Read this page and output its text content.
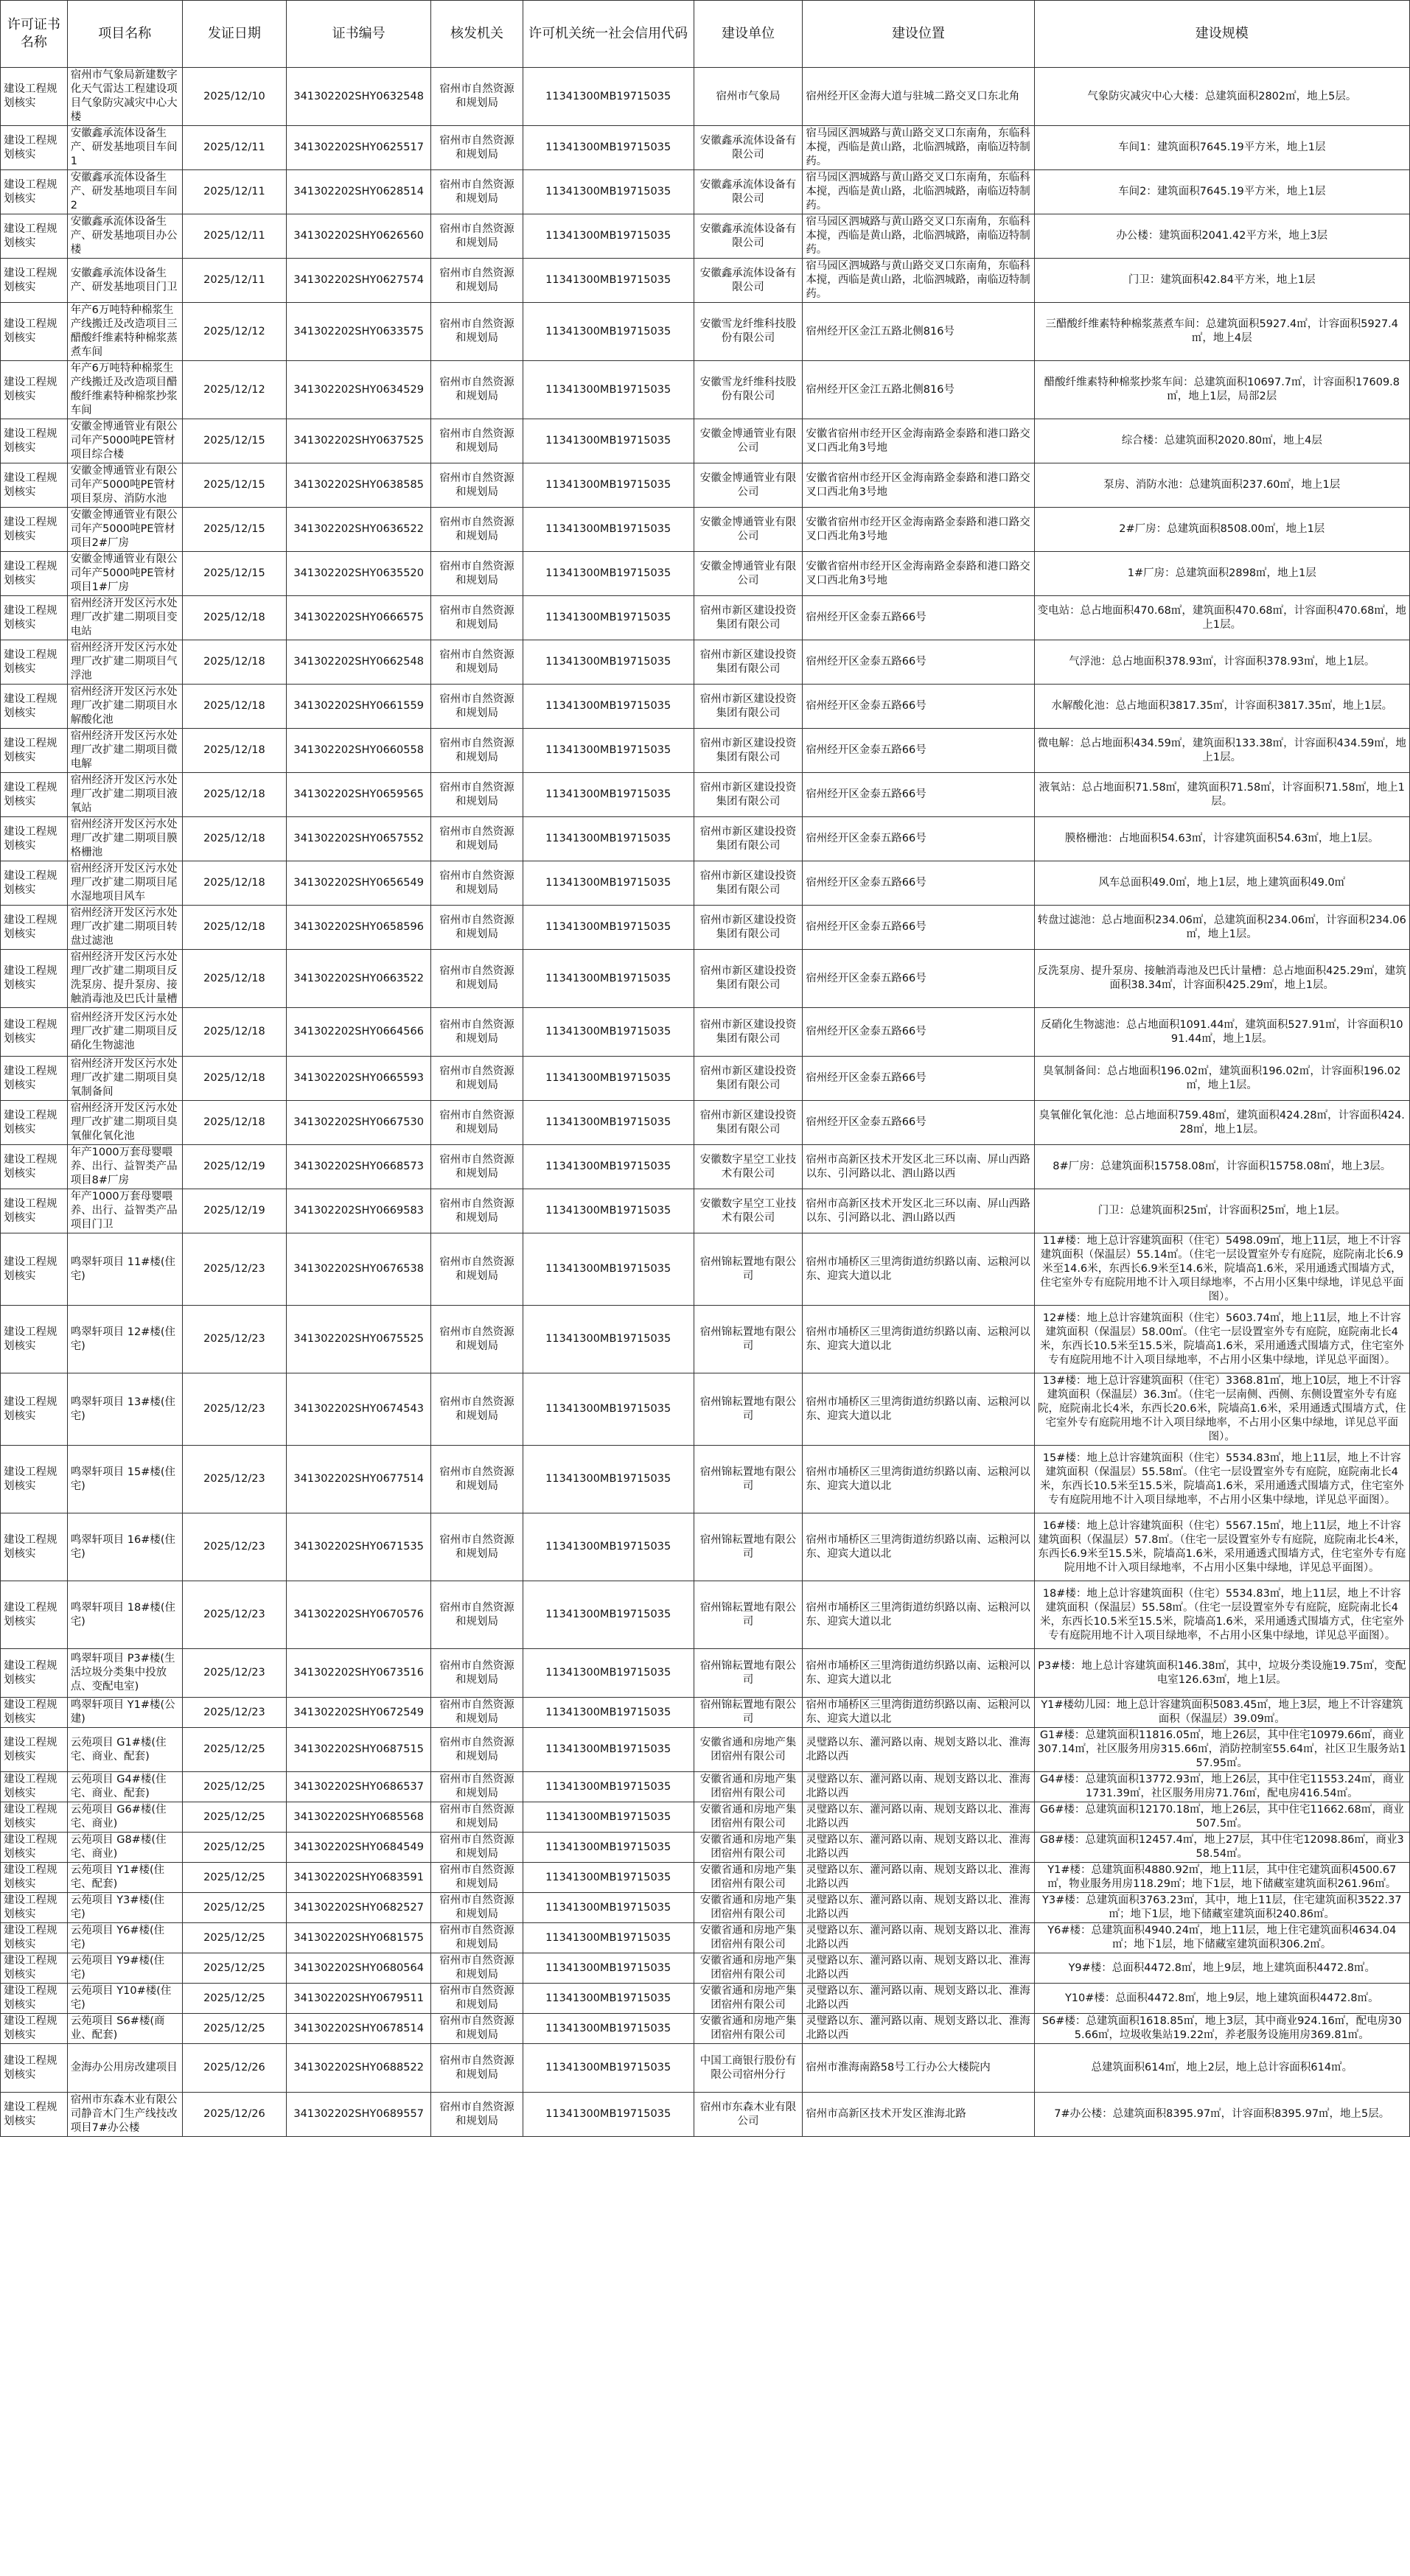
许可证书名称	项目名称	发证日期	证书编号	核发机关	许可机关统一社会信用代码	建设单位	建设位置	建设规模
建设工程规划核实	宿州市气象局新建数字化天气雷达工程建设项目气象防灾减灾中心大楼	2025/12/10	341302202SHY0632548	宿州市自然资源和规划局	11341300MB19715035	宿州市气象局	宿州经开区金海大道与驻城二路交叉口东北角	气象防灾减灾中心大楼：总建筑面积2802㎡，地上5层。
建设工程规划核实	安徽鑫承流体设备生产、研发基地项目车间1	2025/12/11	341302202SHY0625517	宿州市自然资源和规划局	11341300MB19715035	安徽鑫承流体设备有限公司	宿马园区泗城路与黄山路交叉口东南角，东临科本搅，西临是黄山路，北临泗城路，南临迈特制药。	车间1：建筑面积7645.19平方米，地上1层
建设工程规划核实	安徽鑫承流体设备生产、研发基地项目车间2	2025/12/11	341302202SHY0628514	宿州市自然资源和规划局	11341300MB19715035	安徽鑫承流体设备有限公司	宿马园区泗城路与黄山路交叉口东南角，东临科本搅，西临是黄山路，北临泗城路，南临迈特制药。	车间2：建筑面积7645.19平方米，地上1层
建设工程规划核实	安徽鑫承流体设备生产、研发基地项目办公楼	2025/12/11	341302202SHY0626560	宿州市自然资源和规划局	11341300MB19715035	安徽鑫承流体设备有限公司	宿马园区泗城路与黄山路交叉口东南角，东临科本搅，西临是黄山路，北临泗城路，南临迈特制药。	办公楼：建筑面积2041.42平方米，地上3层
建设工程规划核实	安徽鑫承流体设备生产、研发基地项目门卫	2025/12/11	341302202SHY0627574	宿州市自然资源和规划局	11341300MB19715035	安徽鑫承流体设备有限公司	宿马园区泗城路与黄山路交叉口东南角，东临科本搅，西临是黄山路，北临泗城路，南临迈特制药。	门卫：建筑面积42.84平方米，地上1层
建设工程规划核实	年产6万吨特种棉浆生产线搬迁及改造项目三醋酸纤维素特种棉浆蒸煮车间	2025/12/12	341302202SHY0633575	宿州市自然资源和规划局	11341300MB19715035	安徽雪龙纤维科技股份有限公司	宿州经开区金江五路北侧816号	三醋酸纤维素特种棉浆蒸煮车间：总建筑面积5927.4㎡，计容面积5927.4㎡，地上4层
建设工程规划核实	年产6万吨特种棉浆生产线搬迁及改造项目醋酸纤维素特种棉浆抄浆车间	2025/12/12	341302202SHY0634529	宿州市自然资源和规划局	11341300MB19715035	安徽雪龙纤维科技股份有限公司	宿州经开区金江五路北侧816号	醋酸纤维素特种棉浆抄浆车间：总建筑面积10697.7㎡，计容面积17609.8㎡，地上1层，局部2层
建设工程规划核实	安徽金博通管业有限公司年产5000吨PE管材项目综合楼	2025/12/15	341302202SHY0637525	宿州市自然资源和规划局	11341300MB19715035	安徽金博通管业有限公司	安徽省宿州市经开区金海南路金泰路和港口路交叉口西北角3号地	综合楼：总建筑面积2020.80㎡，地上4层
建设工程规划核实	安徽金博通管业有限公司年产5000吨PE管材项目泵房、消防水池	2025/12/15	341302202SHY0638585	宿州市自然资源和规划局	11341300MB19715035	安徽金博通管业有限公司	安徽省宿州市经开区金海南路金泰路和港口路交叉口西北角3号地	泵房、消防水池：总建筑面积237.60㎡，地上1层
建设工程规划核实	安徽金博通管业有限公司年产5000吨PE管材项目2#厂房	2025/12/15	341302202SHY0636522	宿州市自然资源和规划局	11341300MB19715035	安徽金博通管业有限公司	安徽省宿州市经开区金海南路金泰路和港口路交叉口西北角3号地	2#厂房：总建筑面积8508.00㎡，地上1层
建设工程规划核实	安徽金博通管业有限公司年产5000吨PE管材项目1#厂房	2025/12/15	341302202SHY0635520	宿州市自然资源和规划局	11341300MB19715035	安徽金博通管业有限公司	安徽省宿州市经开区金海南路金泰路和港口路交叉口西北角3号地	1#厂房：总建筑面积2898㎡，地上1层
建设工程规划核实	宿州经济开发区污水处理厂改扩建二期项目变电站	2025/12/18	341302202SHY0666575	宿州市自然资源和规划局	11341300MB19715035	宿州市新区建设投资集团有限公司	宿州经开区金泰五路66号	变电站：总占地面积470.68㎡，建筑面积470.68㎡，计容面积470.68㎡，地上1层。
建设工程规划核实	宿州经济开发区污水处理厂改扩建二期项目气浮池	2025/12/18	341302202SHY0662548	宿州市自然资源和规划局	11341300MB19715035	宿州市新区建设投资集团有限公司	宿州经开区金泰五路66号	气浮池：总占地面积378.93㎡，计容面积378.93㎡，地上1层。
建设工程规划核实	宿州经济开发区污水处理厂改扩建二期项目水解酸化池	2025/12/18	341302202SHY0661559	宿州市自然资源和规划局	11341300MB19715035	宿州市新区建设投资集团有限公司	宿州经开区金泰五路66号	水解酸化池：总占地面积3817.35㎡，计容面积3817.35㎡，地上1层。
建设工程规划核实	宿州经济开发区污水处理厂改扩建二期项目微电解	2025/12/18	341302202SHY0660558	宿州市自然资源和规划局	11341300MB19715035	宿州市新区建设投资集团有限公司	宿州经开区金泰五路66号	微电解：总占地面积434.59㎡，建筑面积133.38㎡，计容面积434.59㎡，地上1层。
建设工程规划核实	宿州经济开发区污水处理厂改扩建二期项目液氧站	2025/12/18	341302202SHY0659565	宿州市自然资源和规划局	11341300MB19715035	宿州市新区建设投资集团有限公司	宿州经开区金泰五路66号	液氧站：总占地面积71.58㎡，建筑面积71.58㎡，计容面积71.58㎡，地上1层。
建设工程规划核实	宿州经济开发区污水处理厂改扩建二期项目膜格栅池	2025/12/18	341302202SHY0657552	宿州市自然资源和规划局	11341300MB19715035	宿州市新区建设投资集团有限公司	宿州经开区金泰五路66号	膜格栅池：占地面积54.63㎡，计容建筑面积54.63㎡，地上1层。
建设工程规划核实	宿州经济开发区污水处理厂改扩建二期项目尾水湿地项目风车	2025/12/18	341302202SHY0656549	宿州市自然资源和规划局	11341300MB19715035	宿州市新区建设投资集团有限公司	宿州经开区金泰五路66号	风车总面积49.0㎡，地上1层，地上建筑面积49.0㎡
建设工程规划核实	宿州经济开发区污水处理厂改扩建二期项目转盘过滤池	2025/12/18	341302202SHY0658596	宿州市自然资源和规划局	11341300MB19715035	宿州市新区建设投资集团有限公司	宿州经开区金泰五路66号	转盘过滤池：总占地面积234.06㎡，总建筑面积234.06㎡，计容面积234.06㎡，地上1层。
建设工程规划核实	宿州经济开发区污水处理厂改扩建二期项目反洗泵房、提升泵房、接触消毒池及巴氏计量槽	2025/12/18	341302202SHY0663522	宿州市自然资源和规划局	11341300MB19715035	宿州市新区建设投资集团有限公司	宿州经开区金泰五路66号	反洗泵房、提升泵房、接触消毒池及巴氏计量槽：总占地面积425.29㎡，建筑面积38.34㎡，计容面积425.29㎡，地上1层。
建设工程规划核实	宿州经济开发区污水处理厂改扩建二期项目反硝化生物滤池	2025/12/18	341302202SHY0664566	宿州市自然资源和规划局	11341300MB19715035	宿州市新区建设投资集团有限公司	宿州经开区金泰五路66号	反硝化生物滤池：总占地面积1091.44㎡，建筑面积527.91㎡，计容面积1091.44㎡，地上1层。
建设工程规划核实	宿州经济开发区污水处理厂改扩建二期项目臭氧制备间	2025/12/18	341302202SHY0665593	宿州市自然资源和规划局	11341300MB19715035	宿州市新区建设投资集团有限公司	宿州经开区金泰五路66号	臭氧制备间：总占地面积196.02㎡，建筑面积196.02㎡，计容面积196.02㎡，地上1层。
建设工程规划核实	宿州经济开发区污水处理厂改扩建二期项目臭氧催化氧化池	2025/12/18	341302202SHY0667530	宿州市自然资源和规划局	11341300MB19715035	宿州市新区建设投资集团有限公司	宿州经开区金泰五路66号	臭氧催化氧化池：总占地面积759.48㎡，建筑面积424.28㎡，计容面积424.28㎡，地上1层。
建设工程规划核实	年产1000万套母婴喂养、出行、益智类产品项目8#厂房	2025/12/19	341302202SHY0668573	宿州市自然资源和规划局	11341300MB19715035	安徽数字星空工业技术有限公司	宿州市高新区技术开发区北三环以南、屏山西路以东、引河路以北、泗山路以西	8#厂房：总建筑面积15758.08㎡，计容面积15758.08㎡，地上3层。
建设工程规划核实	年产1000万套母婴喂养、出行、益智类产品项目门卫	2025/12/19	341302202SHY0669583	宿州市自然资源和规划局	11341300MB19715035	安徽数字星空工业技术有限公司	宿州市高新区技术开发区北三环以南、屏山西路以东、引河路以北、泗山路以西	门卫：总建筑面积25㎡，计容面积25㎡，地上1层。
建设工程规划核实	鸣翠轩项目 11#楼(住宅)	2025/12/23	341302202SHY0676538	宿州市自然资源和规划局	11341300MB19715035	宿州锦耘置地有限公司	宿州市埇桥区三里湾街道纺织路以南、运粮河以东、迎宾大道以北	11#楼：地上总计容建筑面积（住宅）5498.09㎡，地上11层，地上不计容建筑面积（保温层）55.14㎡。（住宅一层设置室外专有庭院，庭院南北长6.9米至14.6米，东西长6.9米至14.6米，院墙高1.6米，采用通透式围墙方式，住宅室外专有庭院用地不计入项目绿地率，不占用小区集中绿地，详见总平面图）。
建设工程规划核实	鸣翠轩项目 12#楼(住宅)	2025/12/23	341302202SHY0675525	宿州市自然资源和规划局	11341300MB19715035	宿州锦耘置地有限公司	宿州市埇桥区三里湾街道纺织路以南、运粮河以东、迎宾大道以北	12#楼：地上总计容建筑面积（住宅）5603.74㎡，地上11层，地上不计容建筑面积（保温层）58.00㎡。（住宅一层设置室外专有庭院，庭院南北长4米，东西长10.5米至15.5米，院墙高1.6米，采用通透式围墙方式，住宅室外专有庭院用地不计入项目绿地率，不占用小区集中绿地，详见总平面图）。
建设工程规划核实	鸣翠轩项目 13#楼(住宅)	2025/12/23	341302202SHY0674543	宿州市自然资源和规划局	11341300MB19715035	宿州锦耘置地有限公司	宿州市埇桥区三里湾街道纺织路以南、运粮河以东、迎宾大道以北	13#楼：地上总计容建筑面积（住宅）3368.81㎡，地上10层，地上不计容建筑面积（保温层）36.3㎡。（住宅一层南侧、西侧、东侧设置室外专有庭院，庭院南北长4米，东西长20.6米，院墙高1.6米，采用通透式围墙方式，住宅室外专有庭院用地不计入项目绿地率，不占用小区集中绿地，详见总平面图）。
建设工程规划核实	鸣翠轩项目 15#楼(住宅)	2025/12/23	341302202SHY0677514	宿州市自然资源和规划局	11341300MB19715035	宿州锦耘置地有限公司	宿州市埇桥区三里湾街道纺织路以南、运粮河以东、迎宾大道以北	15#楼：地上总计容建筑面积（住宅）5534.83㎡，地上11层，地上不计容建筑面积（保温层）55.58㎡。（住宅一层设置室外专有庭院，庭院南北长4米，东西长10.5米至15.5米，院墙高1.6米，采用通透式围墙方式，住宅室外专有庭院用地不计入项目绿地率，不占用小区集中绿地，详见总平面图）。
建设工程规划核实	鸣翠轩项目 16#楼(住宅)	2025/12/23	341302202SHY0671535	宿州市自然资源和规划局	11341300MB19715035	宿州锦耘置地有限公司	宿州市埇桥区三里湾街道纺织路以南、运粮河以东、迎宾大道以北	16#楼：地上总计容建筑面积（住宅）5567.15㎡，地上11层，地上不计容建筑面积（保温层）57.8㎡。（住宅一层设置室外专有庭院，庭院南北长4米，东西长6.9米至15.5米，院墙高1.6米，采用通透式围墙方式，住宅室外专有庭院用地不计入项目绿地率，不占用小区集中绿地，详见总平面图）。
建设工程规划核实	鸣翠轩项目 18#楼(住宅)	2025/12/23	341302202SHY0670576	宿州市自然资源和规划局	11341300MB19715035	宿州锦耘置地有限公司	宿州市埇桥区三里湾街道纺织路以南、运粮河以东、迎宾大道以北	18#楼：地上总计容建筑面积（住宅）5534.83㎡，地上11层，地上不计容建筑面积（保温层）55.58㎡。（住宅一层设置室外专有庭院，庭院南北长4米，东西长10.5米至15.5米，院墙高1.6米，采用通透式围墙方式，住宅室外专有庭院用地不计入项目绿地率，不占用小区集中绿地，详见总平面图）。
建设工程规划核实	鸣翠轩项目 P3#楼(生活垃圾分类集中投放点、变配电室)	2025/12/23	341302202SHY0673516	宿州市自然资源和规划局	11341300MB19715035	宿州锦耘置地有限公司	宿州市埇桥区三里湾街道纺织路以南、运粮河以东、迎宾大道以北	P3#楼：地上总计容建筑面积146.38㎡，其中，垃圾分类设施19.75㎡，变配电室126.63㎡，地上1层。
建设工程规划核实	鸣翠轩项目 Y1#楼(公建)	2025/12/23	341302202SHY0672549	宿州市自然资源和规划局	11341300MB19715035	宿州锦耘置地有限公司	宿州市埇桥区三里湾街道纺织路以南、运粮河以东、迎宾大道以北	Y1#楼幼儿园：地上总计容建筑面积5083.45㎡，地上3层，地上不计容建筑面积（保温层）39.09㎡。
建设工程规划核实	云苑项目 G1#楼(住宅、商业、配套)	2025/12/25	341302202SHY0687515	宿州市自然资源和规划局	11341300MB19715035	安徽省通和房地产集团宿州有限公司	灵璧路以东、灌河路以南、规划支路以北、淮海北路以西	G1#楼：总建筑面积11816.05㎡，地上26层，其中住宅10979.66㎡，商业307.14㎡，社区服务用房315.66㎡，消防控制室55.64㎡，社区卫生服务站157.95㎡。
建设工程规划核实	云苑项目 G4#楼(住宅、商业、配套)	2025/12/25	341302202SHY0686537	宿州市自然资源和规划局	11341300MB19715035	安徽省通和房地产集团宿州有限公司	灵璧路以东、灌河路以南、规划支路以北、淮海北路以西	G4#楼：总建筑面积13772.93㎡，地上26层，其中住宅11553.24㎡，商业1731.39㎡，社区服务用房71.76㎡，配电房416.54㎡。
建设工程规划核实	云苑项目 G6#楼(住宅、商业)	2025/12/25	341302202SHY0685568	宿州市自然资源和规划局	11341300MB19715035	安徽省通和房地产集团宿州有限公司	灵璧路以东、灌河路以南、规划支路以北、淮海北路以西	G6#楼：总建筑面积12170.18㎡，地上26层，其中住宅11662.68㎡，商业507.5㎡。
建设工程规划核实	云苑项目 G8#楼(住宅、商业)	2025/12/25	341302202SHY0684549	宿州市自然资源和规划局	11341300MB19715035	安徽省通和房地产集团宿州有限公司	灵璧路以东、灌河路以南、规划支路以北、淮海北路以西	G8#楼：总建筑面积12457.4㎡，地上27层，其中住宅12098.86㎡，商业358.54㎡。
建设工程规划核实	云苑项目 Y1#楼(住宅、配套)	2025/12/25	341302202SHY0683591	宿州市自然资源和规划局	11341300MB19715035	安徽省通和房地产集团宿州有限公司	灵璧路以东、灌河路以南、规划支路以北、淮海北路以西	Y1#楼：总建筑面积4880.92㎡，地上11层，其中住宅建筑面积4500.67㎡，物业服务用房118.29㎡；地下1层，地下储藏室建筑面积261.96㎡。
建设工程规划核实	云苑项目 Y3#楼(住宅)	2025/12/25	341302202SHY0682527	宿州市自然资源和规划局	11341300MB19715035	安徽省通和房地产集团宿州有限公司	灵璧路以东、灌河路以南、规划支路以北、淮海北路以西	Y3#楼：总建筑面积3763.23㎡，其中，地上11层，住宅建筑面积3522.37㎡；地下1层，地下储藏室建筑面积240.86㎡。
建设工程规划核实	云苑项目 Y6#楼(住宅)	2025/12/25	341302202SHY0681575	宿州市自然资源和规划局	11341300MB19715035	安徽省通和房地产集团宿州有限公司	灵璧路以东、灌河路以南、规划支路以北、淮海北路以西	Y6#楼：总建筑面积4940.24㎡，地上11层，地上住宅建筑面积4634.04㎡；地下1层，地下储藏室建筑面积306.2㎡。
建设工程规划核实	云苑项目 Y9#楼(住宅)	2025/12/25	341302202SHY0680564	宿州市自然资源和规划局	11341300MB19715035	安徽省通和房地产集团宿州有限公司	灵璧路以东、灌河路以南、规划支路以北、淮海北路以西	Y9#楼：总面积4472.8㎡，地上9层，地上建筑面积4472.8㎡。
建设工程规划核实	云苑项目 Y10#楼(住宅)	2025/12/25	341302202SHY0679511	宿州市自然资源和规划局	11341300MB19715035	安徽省通和房地产集团宿州有限公司	灵璧路以东、灌河路以南、规划支路以北、淮海北路以西	Y10#楼：总面积4472.8㎡，地上9层，地上建筑面积4472.8㎡。
建设工程规划核实	云苑项目 S6#楼(商业、配套)	2025/12/25	341302202SHY0678514	宿州市自然资源和规划局	11341300MB19715035	安徽省通和房地产集团宿州有限公司	灵璧路以东、灌河路以南、规划支路以北、淮海北路以西	S6#楼：总建筑面积1618.85㎡，地上3层，其中商业924.16㎡，配电房305.66㎡，垃圾收集站19.22㎡，养老服务设施用房369.81㎡。
建设工程规划核实	金海办公用房改建项目	2025/12/26	341302202SHY0688522	宿州市自然资源和规划局	11341300MB19715035	中国工商银行股份有限公司宿州分行	宿州市淮海南路58号工行办公大楼院内	总建筑面积614㎡，地上2层，地上总计容面积614㎡。
建设工程规划核实	宿州市东森木业有限公司静音木门生产线技改项目7#办公楼	2025/12/26	341302202SHY0689557	宿州市自然资源和规划局	11341300MB19715035	宿州市东森木业有限公司	宿州市高新区技术开发区淮海北路	7#办公楼：总建筑面积8395.97㎡，计容面积8395.97㎡，地上5层。
